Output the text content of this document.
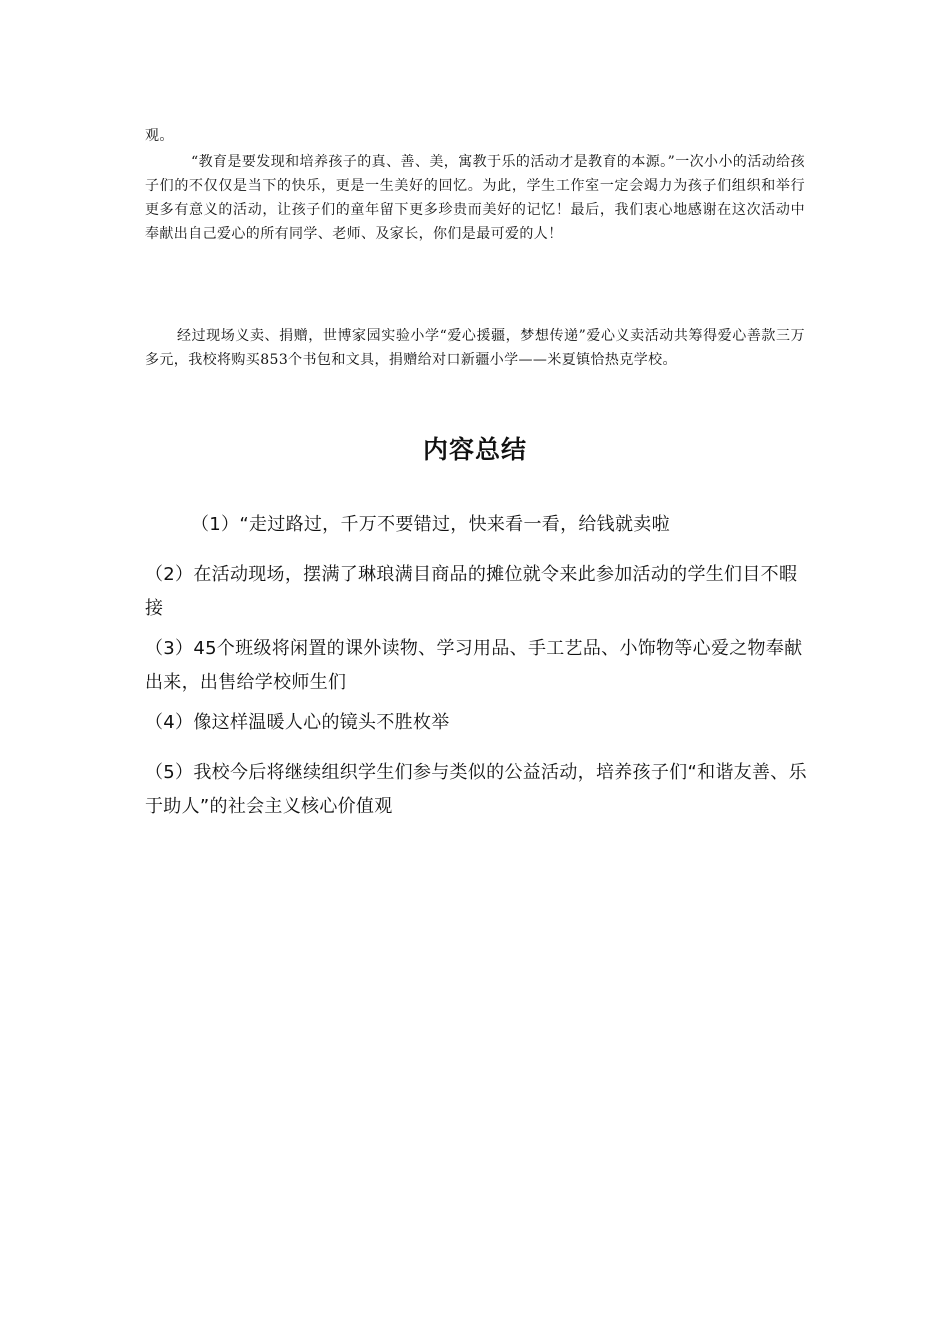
观。

“教育是要发现和培养孩子的真、善、美，寓教于乐的活动才是教育的本源。”一次小小的活动给孩子们的不仅仅是当下的快乐，更是一生美好的回忆。为此，学生工作室一定会竭力为孩子们组织和举行更多有意义的活动，让孩子们的童年留下更多珍贵而美好的记忆！最后，我们衷心地感谢在这次活动中奉献出自己爱心的所有同学、老师、及家长，你们是最可爱的人！

经过现场义卖、捐赠，世博家园实验小学“爱心援疆，梦想传递”爱心义卖活动共筹得爱心善款三万多元，我校将购买853个书包和文具，捐赠给对口新疆小学——米夏镇恰热克学校。

内容总结

（1）“走过路过，千万不要错过，快来看一看，给钱就卖啦

（2）在活动现场，摆满了琳琅满目商品的摊位就令来此参加活动的学生们目不暇接

（3）45个班级将闲置的课外读物、学习用品、手工艺品、小饰物等心爱之物奉献出来，出售给学校师生们

（4）像这样温暖人心的镜头不胜枚举

（5）我校今后将继续组织学生们参与类似的公益活动，培养孩子们“和谐友善、乐于助人”的社会主义核心价值观
